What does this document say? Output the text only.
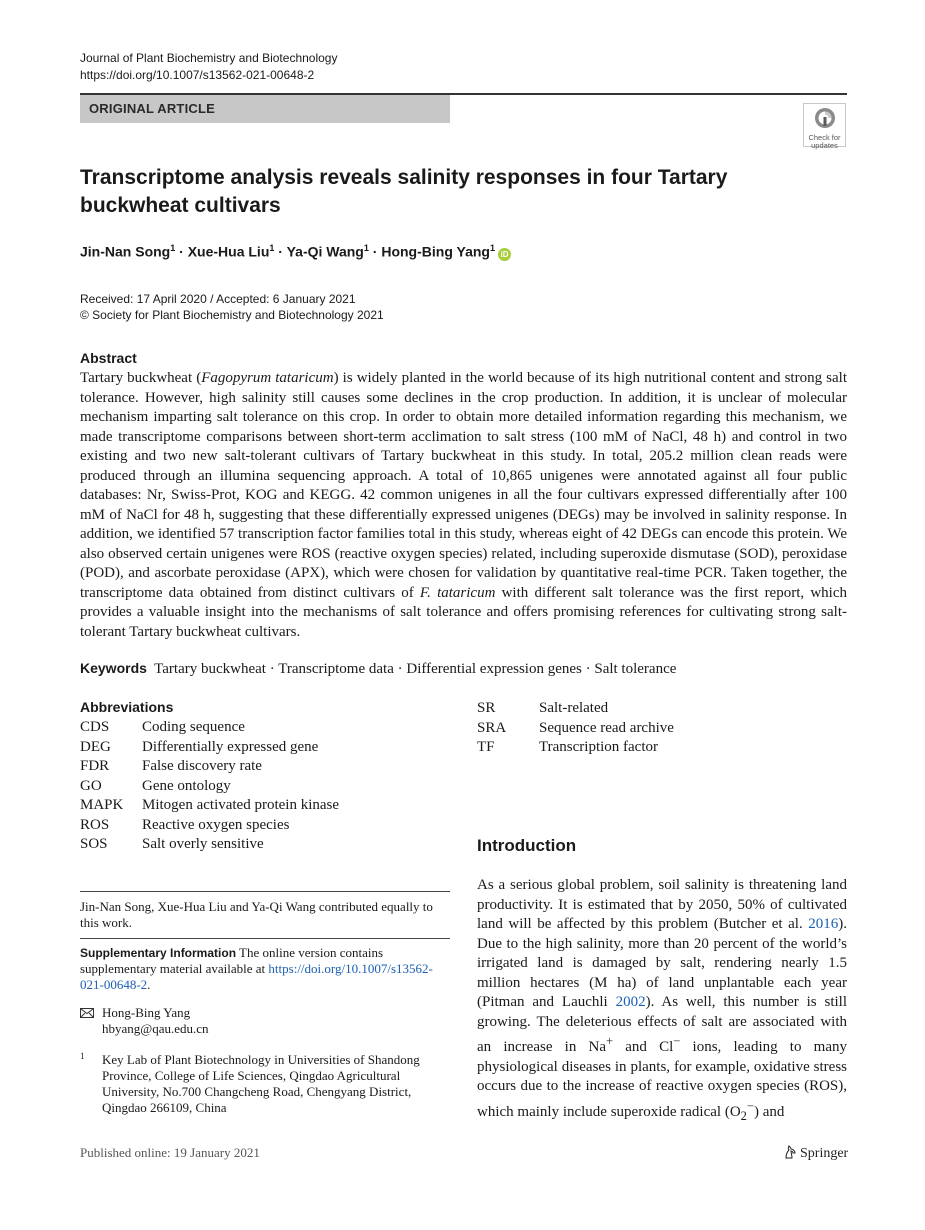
Journal of Plant Biochemistry and Biotechnology
https://doi.org/10.1007/s13562-021-00648-2
ORIGINAL ARTICLE
Check for
updates
Transcriptome analysis reveals salinity responses in four Tartary buckwheat cultivars
Jin-Nan Song$^1$ · Xue-Hua Liu$^1$ · Ya-Qi Wang$^1$ · Hong-Bing Yang$^1$iD
Received: 17 April 2020 / Accepted: 6 January 2021
© Society for Plant Biochemistry and Biotechnology 2021
Abstract
Tartary buckwheat (Fagopyrum tataricum) is widely planted in the world because of its high nutritional content and strong salt tolerance. However, high salinity still causes some declines in the crop production. In addition, it is unclear of molecular mechanism imparting salt tolerance on this crop. In order to obtain more detailed information regarding this mechanism, we made transcriptome comparisons between short-term acclimation to salt stress (100 mM of NaCl, 48 h) and control in two existing and two new salt-tolerant cultivars of Tartary buckwheat in this study. In total, 205.2 million clean reads were produced through an illumina sequencing approach. A total of 10,865 unigenes were annotated against all four public databases: Nr, Swiss-Prot, KOG and KEGG. 42 common unigenes in all the four cultivars expressed differentially after 100 mM of NaCl for 48 h, suggesting that these differentially expressed unigenes (DEGs) may be involved in salinity response. In addition, we identified 57 transcription factor families total in this study, whereas eight of 42 DEGs can encode this protein. We also observed certain unigenes were ROS (reactive oxygen species) related, including superoxide dismutase (SOD), peroxidase (POD), and ascorbate peroxidase (APX), which were chosen for validation by quantitative real-time PCR. Taken together, the transcriptome data obtained from distinct cultivars of F. tataricum with different salt tolerance was the first report, which provides a valuable insight into the mechanisms of salt tolerance and offers promising references for cultivating strong salt-tolerant Tartary buckwheat cultivars.
Keywords Tartary buckwheat · Transcriptome data · Differential expression genes · Salt tolerance
Abbreviations
CDS Coding sequence
DEG Differentially expressed gene
FDR False discovery rate
GO	Gene ontology
MAPK Mitogen activated protein kinase
ROS Reactive oxygen species
SOS Salt overly sensitive
SR	Salt-related
SRA Sequence read archive
TF	Transcription factor
Introduction
As a serious global problem, soil salinity is threatening land productivity. It is estimated that by 2050, 50% of cultivated land will be affected by this problem (Butcher et al. 2016). Due to the high salinity, more than 20 percent of the world’s irrigated land is damaged by salt, rendering nearly 1.5 million hectares (M ha) of land unplantable each year (Pitman and Lauchli 2002). As well, this number is still growing. The deleterious effects of salt are associated with an increase in Na+ and Cl− ions, leading to many physiological diseases in plants, for example, oxidative stress occurs due to the increase of reactive oxygen species (ROS), which mainly include superoxide radical $(O_2^-)$ and
Jin-Nan Song, Xue-Hua Liu and Ya-Qi Wang contributed equally to this work.
Supplementary Information The online version contains supplementary material available at https://doi.org/10.1007/s13562-021-00648-2.
Hong-Bing Yang
hbyang@qau.edu.cn
1 Key Lab of Plant Biotechnology in Universities of Shandong Province, College of Life Sciences, Qingdao Agricultural University, No.700 Changcheng Road, Chengyang District, Qingdao 266109, China
Published online: 19 January 2021	Springer
